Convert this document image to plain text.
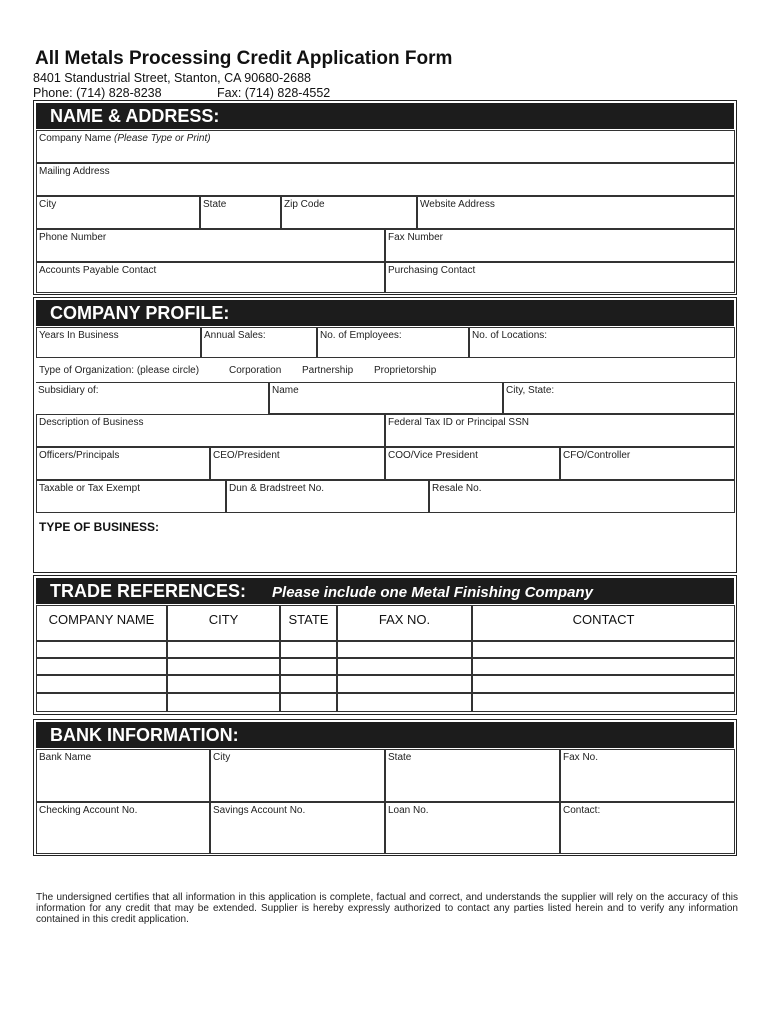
All Metals Processing Credit Application Form
8401 Standustrial Street, Stanton, CA 90680-2688
Phone: (714) 828-8238	Fax: (714) 828-4552
NAME & ADDRESS:
Company Name (Please Type or Print)
Mailing Address
City	State	Zip Code	Website Address
Phone Number	Fax Number
Accounts Payable Contact	Purchasing Contact
COMPANY PROFILE:
Years In Business	Annual Sales:	No. of Employees:	No. of Locations:
Type of Organization: (please circle)	Corporation Partnership Proprietorship
Subsidiary of:	Name	City, State:
Description of Business	Federal Tax ID or Principal SSN
Officers/Principals	CEO/President	COO/Vice President	CFO/Controller
Taxable or Tax Exempt	Dun & Bradstreet No.	Resale No.
TYPE OF BUSINESS:
TRADE REFERENCES: Please include one Metal Finishing Company
COMPANY NAME	CITY	STATE	FAX NO.	CONTACT
BANK INFORMATION:
Bank Name	City	State	Fax No.
Checking Account No.	Savings Account No.	Loan No.	Contact:
The undersigned certifies that all information in this application is complete, factual and correct, and understands the supplier will rely on the accuracy of this information for any credit that may be extended. Supplier is hereby expressly authorized to contact any parties listed herein and to verify any information contained in this credit application.
